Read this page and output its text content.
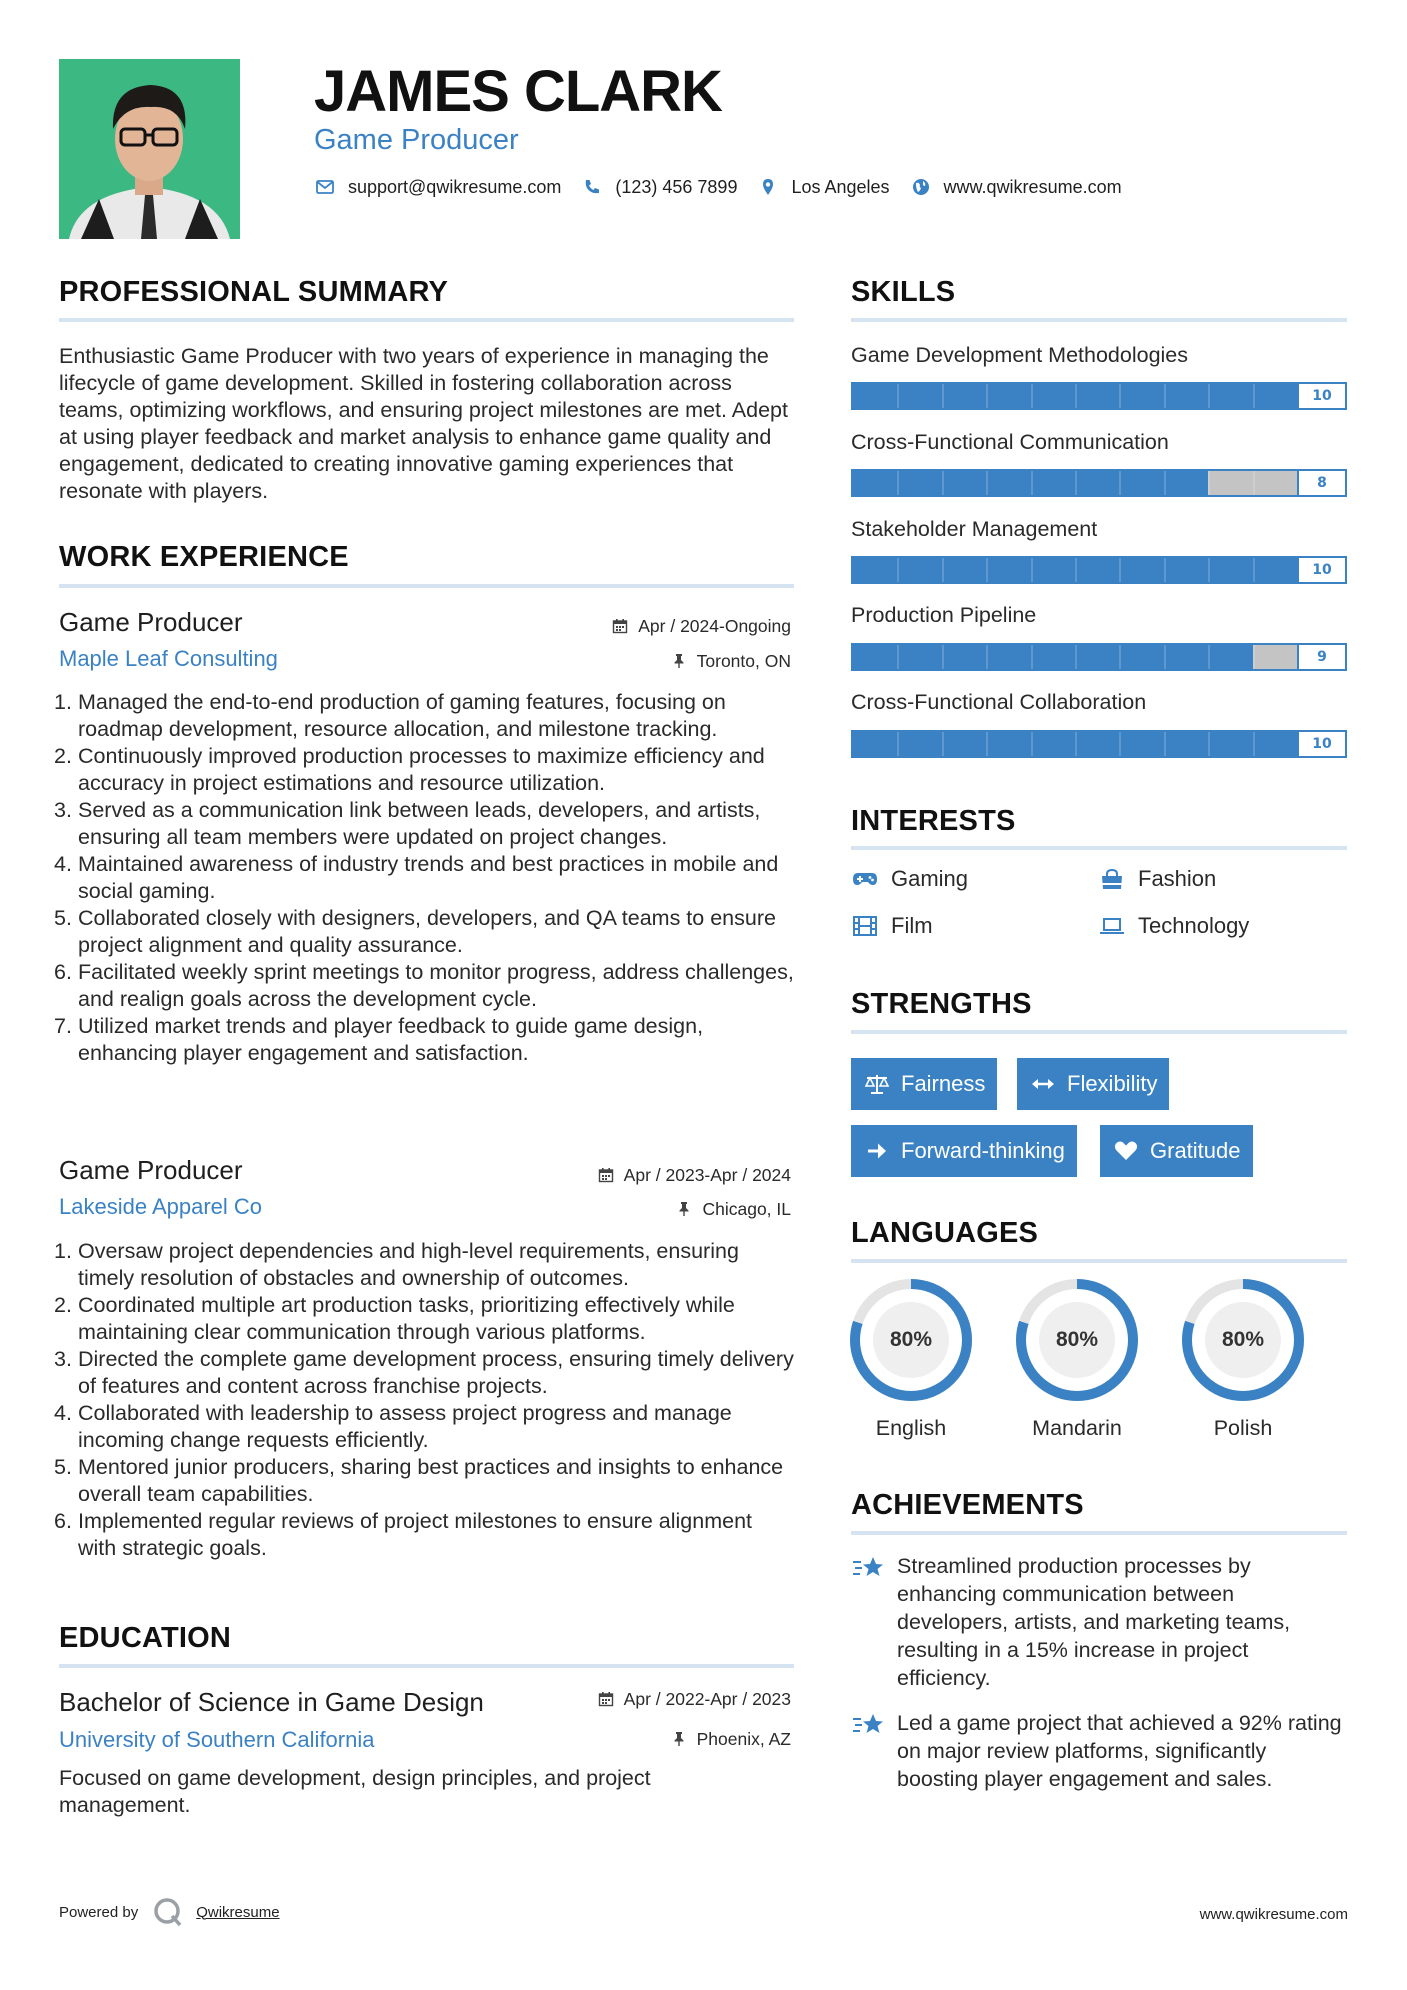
JAMES CLARK
Game Producer
support@qwikresume.com	(123) 456 7899	Los Angeles	www.qwikresume.com
PROFESSIONAL SUMMARY
Enthusiastic Game Producer with two years of experience in managing the lifecycle of game development. Skilled in fostering collaboration across teams, optimizing workflows, and ensuring project milestones are met. Adept at using player feedback and market analysis to enhance game quality and engagement, dedicated to creating innovative gaming experiences that resonate with players.
WORK EXPERIENCE
Game Producer
Maple Leaf Consulting
Apr / 2024-Ongoing
Toronto, ON
Managed the end-to-end production of gaming features, focusing on roadmap development, resource allocation, and milestone tracking.
Continuously improved production processes to maximize efficiency and accuracy in project estimations and resource utilization.
Served as a communication link between leads, developers, and artists, ensuring all team members were updated on project changes.
Maintained awareness of industry trends and best practices in mobile and social gaming.
Collaborated closely with designers, developers, and QA teams to ensure project alignment and quality assurance.
Facilitated weekly sprint meetings to monitor progress, address challenges, and realign goals across the development cycle.
Utilized market trends and player feedback to guide game design, enhancing player engagement and satisfaction.
Game Producer
Lakeside Apparel Co
Apr / 2023-Apr / 2024
Chicago, IL
Oversaw project dependencies and high-level requirements, ensuring timely resolution of obstacles and ownership of outcomes.
Coordinated multiple art production tasks, prioritizing effectively while maintaining clear communication through various platforms.
Directed the complete game development process, ensuring timely delivery of features and content across franchise projects.
Collaborated with leadership to assess project progress and manage incoming change requests efficiently.
Mentored junior producers, sharing best practices and insights to enhance overall team capabilities.
Implemented regular reviews of project milestones to ensure alignment with strategic goals.
EDUCATION
Bachelor of Science in Game Design
University of Southern California
Apr / 2022-Apr / 2023
Phoenix, AZ
Focused on game development, design principles, and project management.
SKILLS
Game Development Methodologies
10
Cross-Functional Communication
8
Stakeholder Management
10
Production Pipeline
9
Cross-Functional Collaboration
10
INTERESTS
Gaming	Fashion
Film	Technology
STRENGTHS
Fairness	Flexibility
Forward-thinking	Gratitude
LANGUAGES
80%
English
80%
Mandarin
80%
Polish
ACHIEVEMENTS
Streamlined production processes by enhancing communication between developers, artists, and marketing teams, resulting in a 15% increase in project efficiency.
Led a game project that achieved a 92% rating on major review platforms, significantly boosting player engagement and sales.
Powered by	Qwikresume	www.qwikresume.com
